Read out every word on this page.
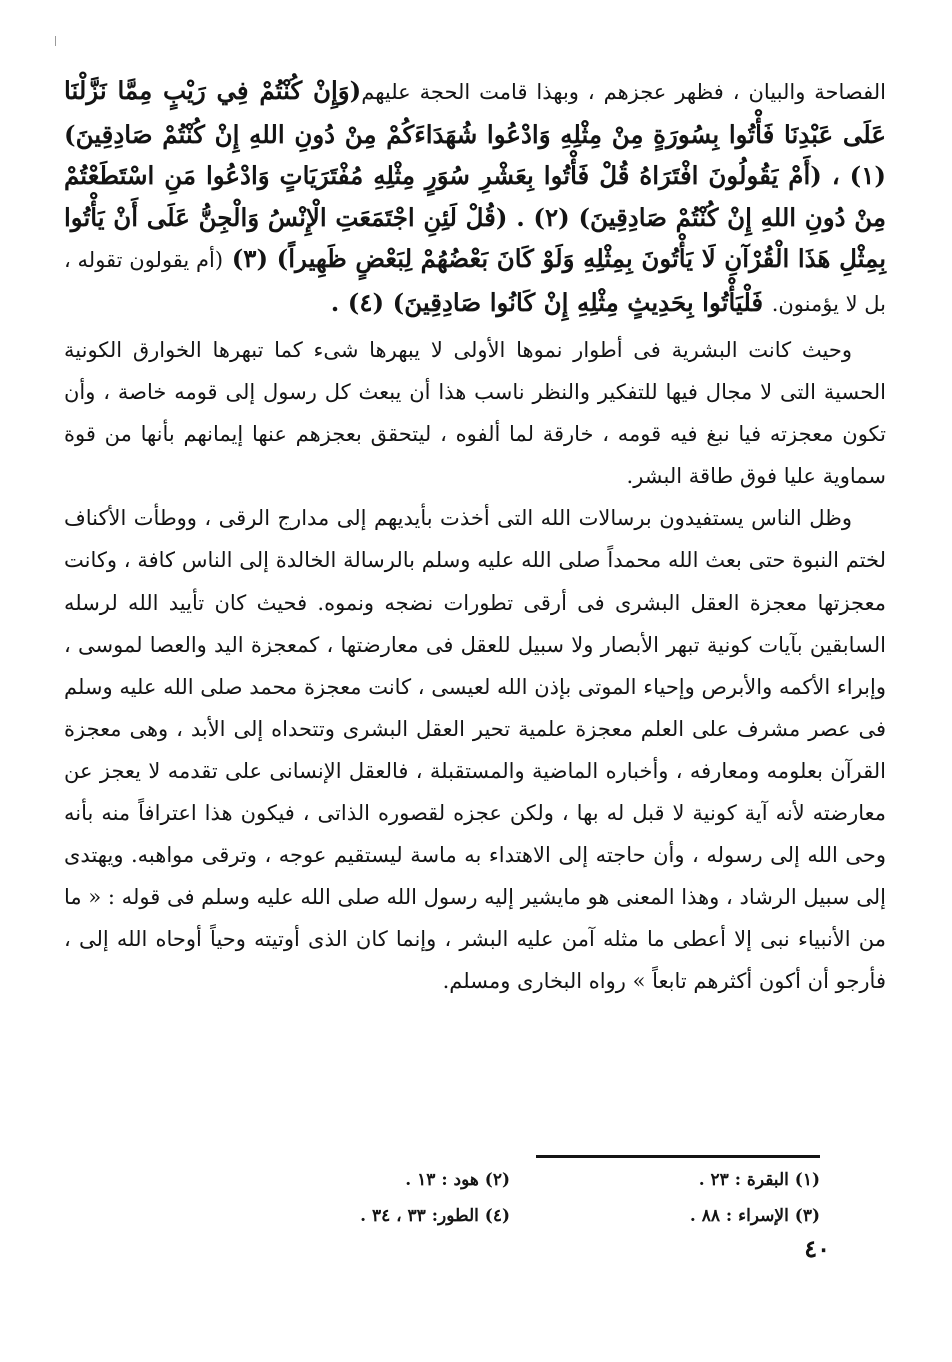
الفصاحة والبيان ، فظهر عجزهم ، وبهذا قامت الحجة عليهم(وَإِنْ كُنْتُمْ فِي رَيْبٍ مِمَّا نَزَّلْنَا عَلَى عَبْدِنَا فَأْتُوا بِسُورَةٍ مِنْ مِثْلِهِ وَادْعُوا شُهَدَاءَكُمْ مِنْ دُونِ اللهِ إِنْ كُنْتُمْ صَادِقِينَ) (١) ، (أَمْ يَقُولُونَ افْتَرَاهُ قُلْ فَأْتُوا بِعَشْرِ سُوَرٍ مِثْلِهِ مُفْتَرَيَاتٍ وَادْعُوا مَنِ اسْتَطَعْتُمْ مِنْ دُونِ اللهِ إِنْ كُنْتُمْ صَادِقِينَ) (٢) . (قُلْ لَئِنِ اجْتَمَعَتِ الْإِنْسُ وَالْجِنُّ عَلَى أَنْ يَأْتُوا بِمِثْلِ هَذَا الْقُرْآنِ لَا يَأْتُونَ بِمِثْلِهِ وَلَوْ كَانَ بَعْضُهُمْ لِبَعْضٍ ظَهِيراً) (٣) (أم يقولون تقوله ، بل لا يؤمنون. فَلْيَأْتُوا بِحَدِيثٍ مِثْلِهِ إِنْ كَانُوا صَادِقِينَ) (٤) .

وحيث كانت البشرية فى أطوار نموها الأولى لا يبهرها شىء كما تبهرها الخوارق الكونية الحسية التى لا مجال فيها للتفكير والنظر ناسب هذا أن يبعث كل رسول إلى قومه خاصة ، وأن تكون معجزته فيا نبغ فيه قومه ، خارقة لما ألفوه ، ليتحقق بعجزهم عنها إيمانهم بأنها من قوة سماوية عليا فوق طاقة البشر.

وظل الناس يستفيدون برسالات الله التى أخذت بأيديهم إلى مدارج الرقى ، ووطأت الأكناف لختم النبوة حتى بعث الله محمداً صلى الله عليه وسلم بالرسالة الخالدة إلى الناس كافة ، وكانت معجزتها معجزة العقل البشرى فى أرقى تطورات نضجه ونموه. فحيث كان تأييد الله لرسله السابقين بآيات كونية تبهر الأبصار ولا سبيل للعقل فى معارضتها ، كمعجزة اليد والعصا لموسى ، وإبراء الأكمه والأبرص وإحياء الموتى بإذن الله لعيسى ، كانت معجزة محمد صلى الله عليه وسلم فى عصر مشرف على العلم معجزة علمية تحير العقل البشرى وتتحداه إلى الأبد ، وهى معجزة القرآن بعلومه ومعارفه ، وأخباره الماضية والمستقبلة ، فالعقل الإنسانى على تقدمه لا يعجز عن معارضته لأنه آية كونية لا قبل له بها ، ولكن عجزه لقصوره الذاتى ، فيكون هذا اعترافاً منه بأنه وحى الله إلى رسوله ، وأن حاجته إلى الاهتداء به ماسة ليستقيم عوجه ، وترقى مواهبه. ويهتدى إلى سبيل الرشاد ، وهذا المعنى هو مايشير إليه رسول الله صلى الله عليه وسلم فى قوله : « ما من الأنبياء نبى إلا أعطى ما مثله آمن عليه البشر ، وإنما كان الذى أوتيته وحياً أوحاه الله إلى ، فأرجو أن أكون أكثرهم تابعاً » رواه البخارى ومسلم.

(١) البقرة : ٢٣ .
(٢) هود : ١٣ .
(٣) الإسراء : ٨٨ .
(٤) الطور: ٣٣ ، ٣٤ .
٤٠
